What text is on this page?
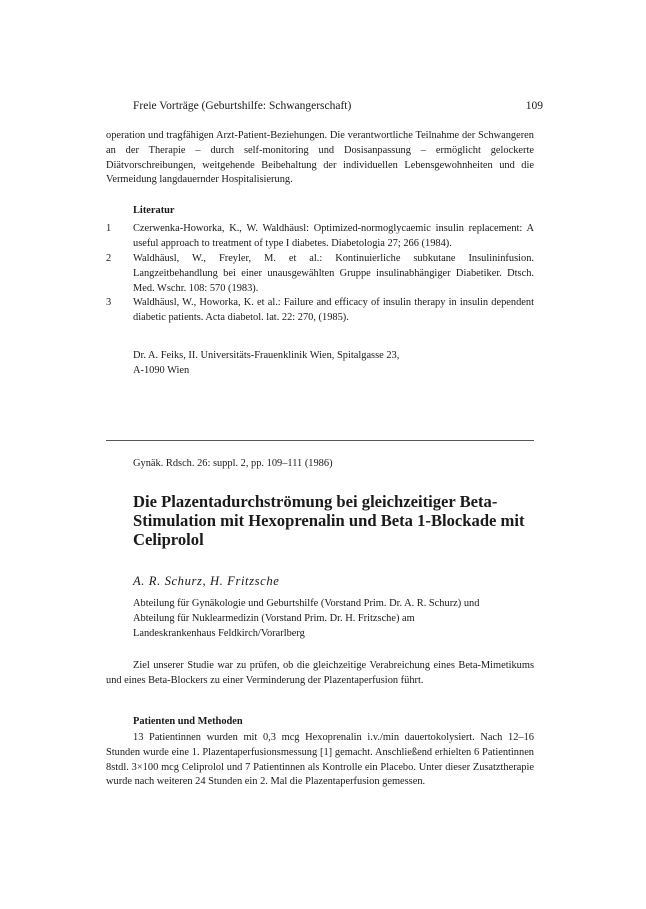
Freie Vorträge (Geburtshilfe: Schwangerschaft)	109
operation und tragfähigen Arzt-Patient-Beziehungen. Die verantwortliche Teilnahme der Schwangeren an der Therapie – durch self-monitoring und Dosisanpassung – ermöglicht gelockerte Diätvorschreibungen, weitgehende Beibehaltung der individuellen Lebensgewohnheiten und die Vermeidung langdauernder Hospitalisierung.
Literatur
1	Czerwenka-Howorka, K., W. Waldhäusl: Optimized-normoglycaemic insulin replacement: A useful approach to treatment of type I diabetes. Diabetologia 27; 266 (1984).
2	Waldhäusl, W., Freyler, M. et al.: Kontinuierliche subkutane Insulininfusion. Langzeitbehandlung bei einer unausgewählten Gruppe insulinabhängiger Diabetiker. Dtsch. Med. Wschr. 108: 570 (1983).
3	Waldhäusl, W., Howorka, K. et al.: Failure and efficacy of insulin therapy in insulin dependent diabetic patients. Acta diabetol. lat. 22: 270, (1985).
Dr. A. Feiks, II. Universitäts-Frauenklinik Wien, Spitalgasse 23,
A-1090 Wien
Gynäk. Rdsch. 26: suppl. 2, pp. 109–111 (1986)
Die Plazentadurchströmung bei gleichzeitiger Beta-Stimulation mit Hexoprenalin und Beta 1-Blockade mit Celiprolol
A. R. Schurz, H. Fritzsche
Abteilung für Gynäkologie und Geburtshilfe (Vorstand Prim. Dr. A. R. Schurz) und
Abteilung für Nuklearmedizin (Vorstand Prim. Dr. H. Fritzsche) am
Landeskrankenhaus Feldkirch/Vorarlberg
Ziel unserer Studie war zu prüfen, ob die gleichzeitige Verabreichung eines Beta-Mimetikums und eines Beta-Blockers zu einer Verminderung der Plazentaperfusion führt.
Patienten und Methoden
13 Patientinnen wurden mit 0,3 mcg Hexoprenalin i.v./min dauertokolysiert. Nach 12–16 Stunden wurde eine 1. Plazentaperfusionsmessung [1] gemacht. Anschließend erhielten 6 Patientinnen 8stdl. 3×100 mcg Celiprolol und 7 Patientinnen als Kontrolle ein Placebo. Unter dieser Zusatztherapie wurde nach weiteren 24 Stunden ein 2. Mal die Plazentaperfusion gemessen.
